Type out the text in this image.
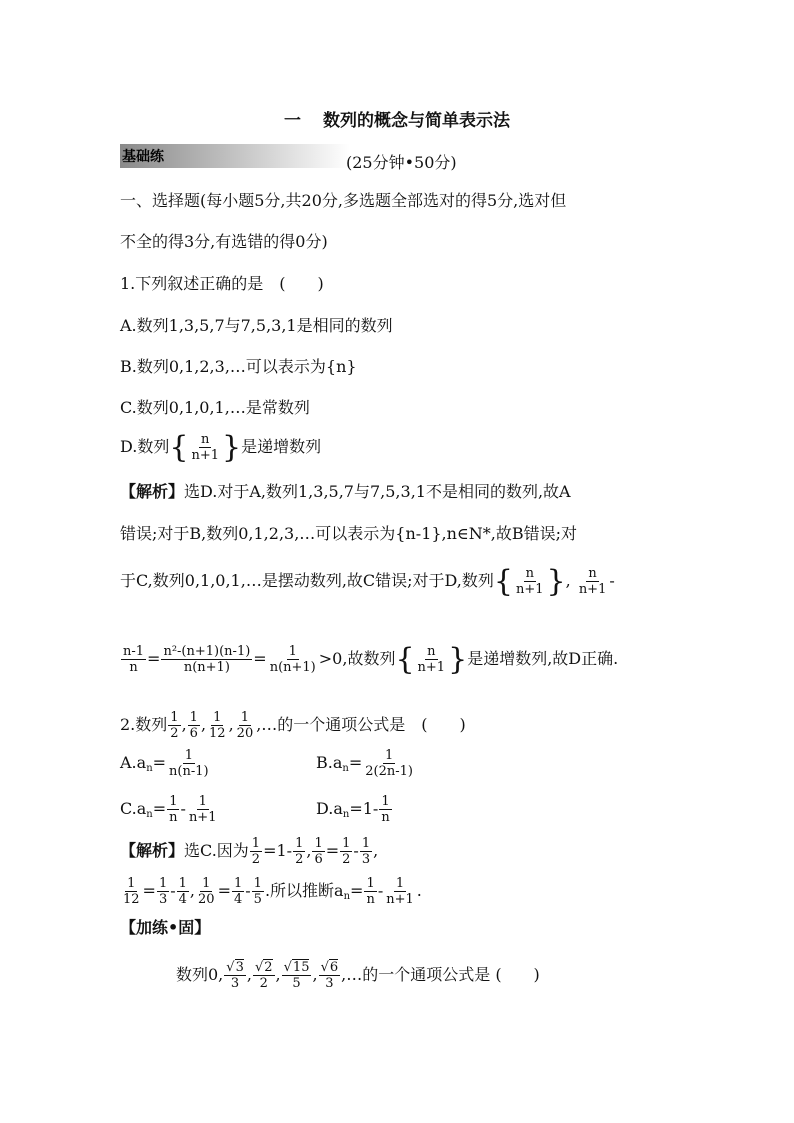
一 数列的概念与简单表示法
基础练	(25分钟•50分)
一、选择题(每小题5分,共20分,多选题全部选对的得5分,选对但
不全的得3分,有选错的得0分)
1.下列叙述正确的是　(　　)
A.数列1,3,5,7与7,5,3,1是相同的数列
B.数列0,1,2,3,…可以表示为{n}
C.数列0,1,0,1,…是常数列
D.数列 { $\frac{n}{n+1}$ } 是递增数列
【解析】选D.对于A,数列1,3,5,7与7,5,3,1不是相同的数列,故A
错误;对于B,数列0,1,2,3,…可以表示为{n-1},n∈N*,故B错误;对
于C,数列0,1,0,1,…是摆动数列,故C错误;对于D,数列 { $\frac{n}{n+1}$ } , $\frac{n}{n+1}$ -
$\frac{n-1}{n} = \frac{\text{n²-(n+1)(n-1)}}{n(n+1)} = \frac{1}{n(n+1)} >0$,故数列 { $\frac{n}{n+1}$ } 是递增数列,故D正确.
2.数列 $\frac{1}{2}$ , $\frac{1}{6}$ , $\frac{1}{12}$ , $\frac{1}{20}$ ,…的一个通项公式是　(　　)
$A.a_n= \frac{1}{n(n-1)}$	$B.a_n= \frac{1}{2(2n-1)}$
$C.a_n= \frac{1}{n} - \frac{1}{n+1}$	$D.a_n=1- \frac{1}{n}$
【解析】选C.因为 $\frac{1}{2} =1- \frac{1}{2}$ , $\frac{1}{6} = \frac{1}{2} - \frac{1}{3}$ ,
$\frac{1}{12} = \frac{1}{3} - \frac{1}{4}$ , $\frac{1}{20} = \frac{1}{4} - \frac{1}{5}$ .所以推断$a_n= \frac{1}{n} - \frac{1}{n+1}$ .
【加练•固】
数列0, $\frac{√3}{3}$ , $\frac{√2}{2}$ , $\frac{√15}{5}$ , $\frac{√6}{3}$ ,…的一个通项公式是 (　　)
